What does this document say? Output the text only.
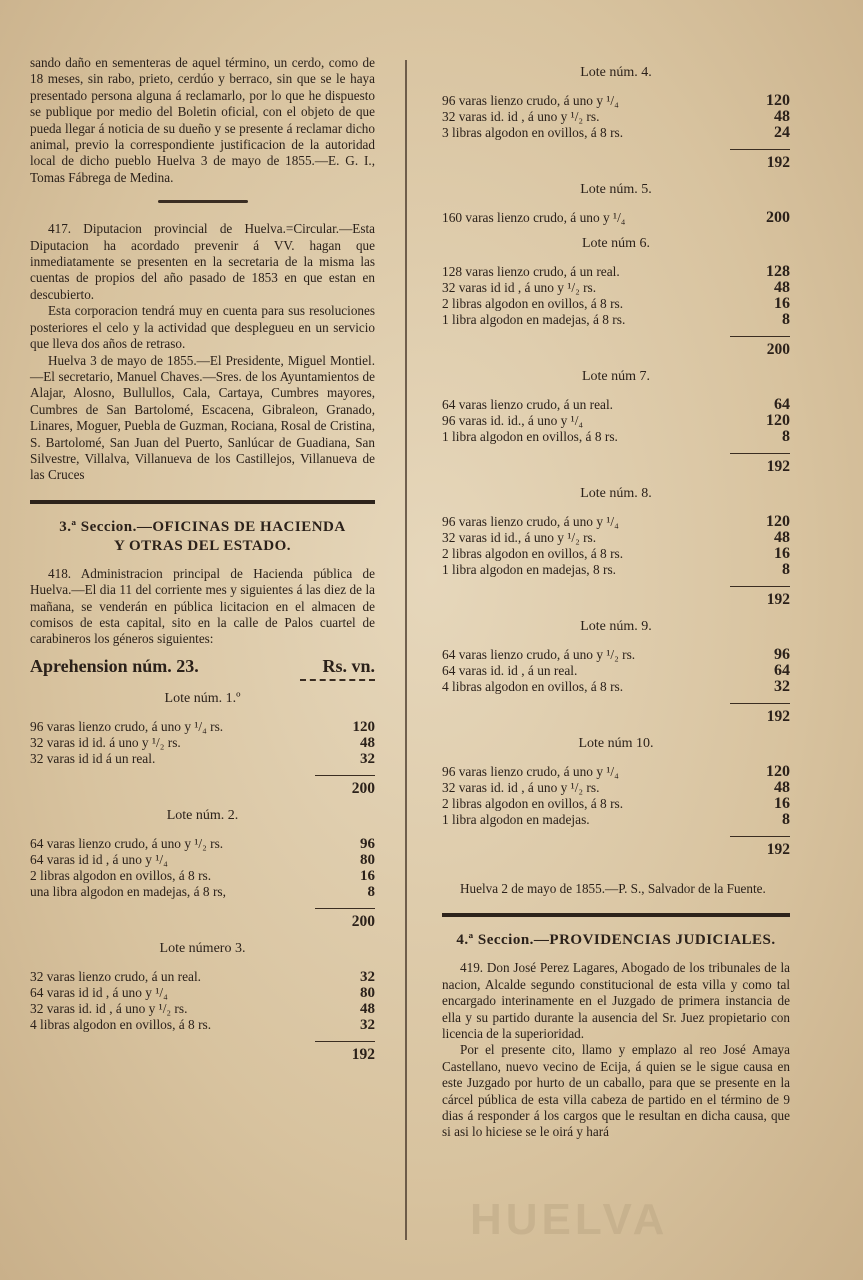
sando daño en sementeras de aquel término, un cerdo, como de 18 meses, sin rabo, prieto, cerdúo y berraco, sin que se le haya presentado persona alguna á reclamarlo, por lo que he dispuesto se publique por medio del Boletin oficial, con el objeto de que pueda llegar á noticia de su dueño y se presente á reclamar dicho animal, previo la correspondiente justificacion de la autoridad local de dicho pueblo Huelva 3 de mayo de 1855.—E. G. I., Tomas Fábrega de Medina.

417. Diputacion provincial de Huelva.=Circular.—Esta Diputacion ha acordado prevenir á VV. hagan que inmediatamente se presenten en la secretaria de la misma las cuentas de propios del año pasado de 1853 en que estan en descubierto.

Esta corporacion tendrá muy en cuenta para sus resoluciones posteriores el celo y la actividad que desplegueu en un servicio que lleva dos años de retraso.

Huelva 3 de mayo de 1855.—El Presidente, Miguel Montiel.—El secretario, Manuel Chaves.—Sres. de los Ayuntamientos de Alajar, Alosno, Bullullos, Cala, Cartaya, Cumbres mayores, Cumbres de San Bartolomé, Escacena, Gibraleon, Granado, Linares, Moguer, Puebla de Guzman, Rociana, Rosal de Cristina, S. Bartolomé, San Juan del Puerto, Sanlúcar de Guadiana, San Silvestre, Villalva, Villanueva de los Castillejos, Villanueva de las Cruces

3.ª Seccion.—OFICINAS DE HACIENDA
Y OTRAS DEL ESTADO.

418. Administracion principal de Hacienda pública de Huelva.—El dia 11 del corriente mes y siguientes á las diez de la mañana, se venderán en pública licitacion en el almacen de comisos de esta capital, sito en la calle de Palos cuartel de carabineros los géneros siguientes:

Aprehension núm. 23.	Rs. vn.
Lote núm. 1.º
96 varas lienzo crudo, á uno y ¹/₄ rs.	120
32 varas id id. á uno y ¹/₂ rs.	48
32 varas id id á un real.	32
200
Lote núm. 2.
64 varas lienzo crudo, á uno y ¹/₂ rs.	96
64 varas id id , á uno y ¹/₄	80
2 libras algodon en ovillos, á 8 rs.	16
una libra algodon en madejas, á 8 rs,	8
200
Lote número 3.
32 varas lienzo crudo, á un real.	32
64 varas id id , á uno y ¹/₄	80
32 varas id. id , á uno y ¹/₂ rs.	48
4 libras algodon en ovillos, á 8 rs.	32
192
Lote núm. 4.
96 varas lienzo crudo, á uno y ¹/₄	120
32 varas id. id , á uno y ¹/₂ rs.	48
3 libras algodon en ovillos, á 8 rs.	24
192
Lote núm. 5.
160 varas lienzo crudo, á uno y ¹/₄	200
Lote núm 6.
128 varas lienzo crudo, á un real.	128
32 varas id id , á uno y ¹/₂ rs.	48
2 libras algodon en ovillos, á 8 rs.	16
1 libra algodon en madejas, á 8 rs.	8
200
Lote núm 7.
64 varas lienzo crudo, á un real.	64
96 varas id. id., á uno y ¹/₄	120
1 libra algodon en ovillos, á 8 rs.	8
192
Lote núm. 8.
96 varas lienzo crudo, á uno y ¹/₄	120
32 varas id id., á uno y ¹/₂ rs.	48
2 libras algodon en ovillos, á 8 rs.	16
1 libra algodon en madejas, 8 rs.	8
192
Lote núm. 9.
64 varas lienzo crudo, á uno y ¹/₂ rs.	96
64 varas id. id , á un real.	64
4 libras algodon en ovillos, á 8 rs.	32
192
Lote núm 10.
96 varas lienzo crudo, á uno y ¹/₄	120
32 varas id. id , á uno y ¹/₂ rs.	48
2 libras algodon en ovillos, á 8 rs.	16
1 libra algodon en madejas.	8
192

Huelva 2 de mayo de 1855.—P. S., Salvador de la Fuente.

4.ª Seccion.—PROVIDENCIAS JUDICIALES.

419. Don José Perez Lagares, Abogado de los tribunales de la nacion, Alcalde segundo constitucional de esta villa y como tal encargado interinamente en el Juzgado de primera instancia de ella y su partido durante la ausencia del Sr. Juez propietario con licencia de la superioridad.

Por el presente cito, llamo y emplazo al reo José Amaya Castellano, nuevo vecino de Ecija, á quien se le sigue causa en este Juzgado por hurto de un caballo, para que se presente en la cárcel pública de esta villa cabeza de partido en el término de 9 dias á responder á los cargos que le resultan en dicha causa, que si asi lo hiciese se le oirá y hará

HUELVA
